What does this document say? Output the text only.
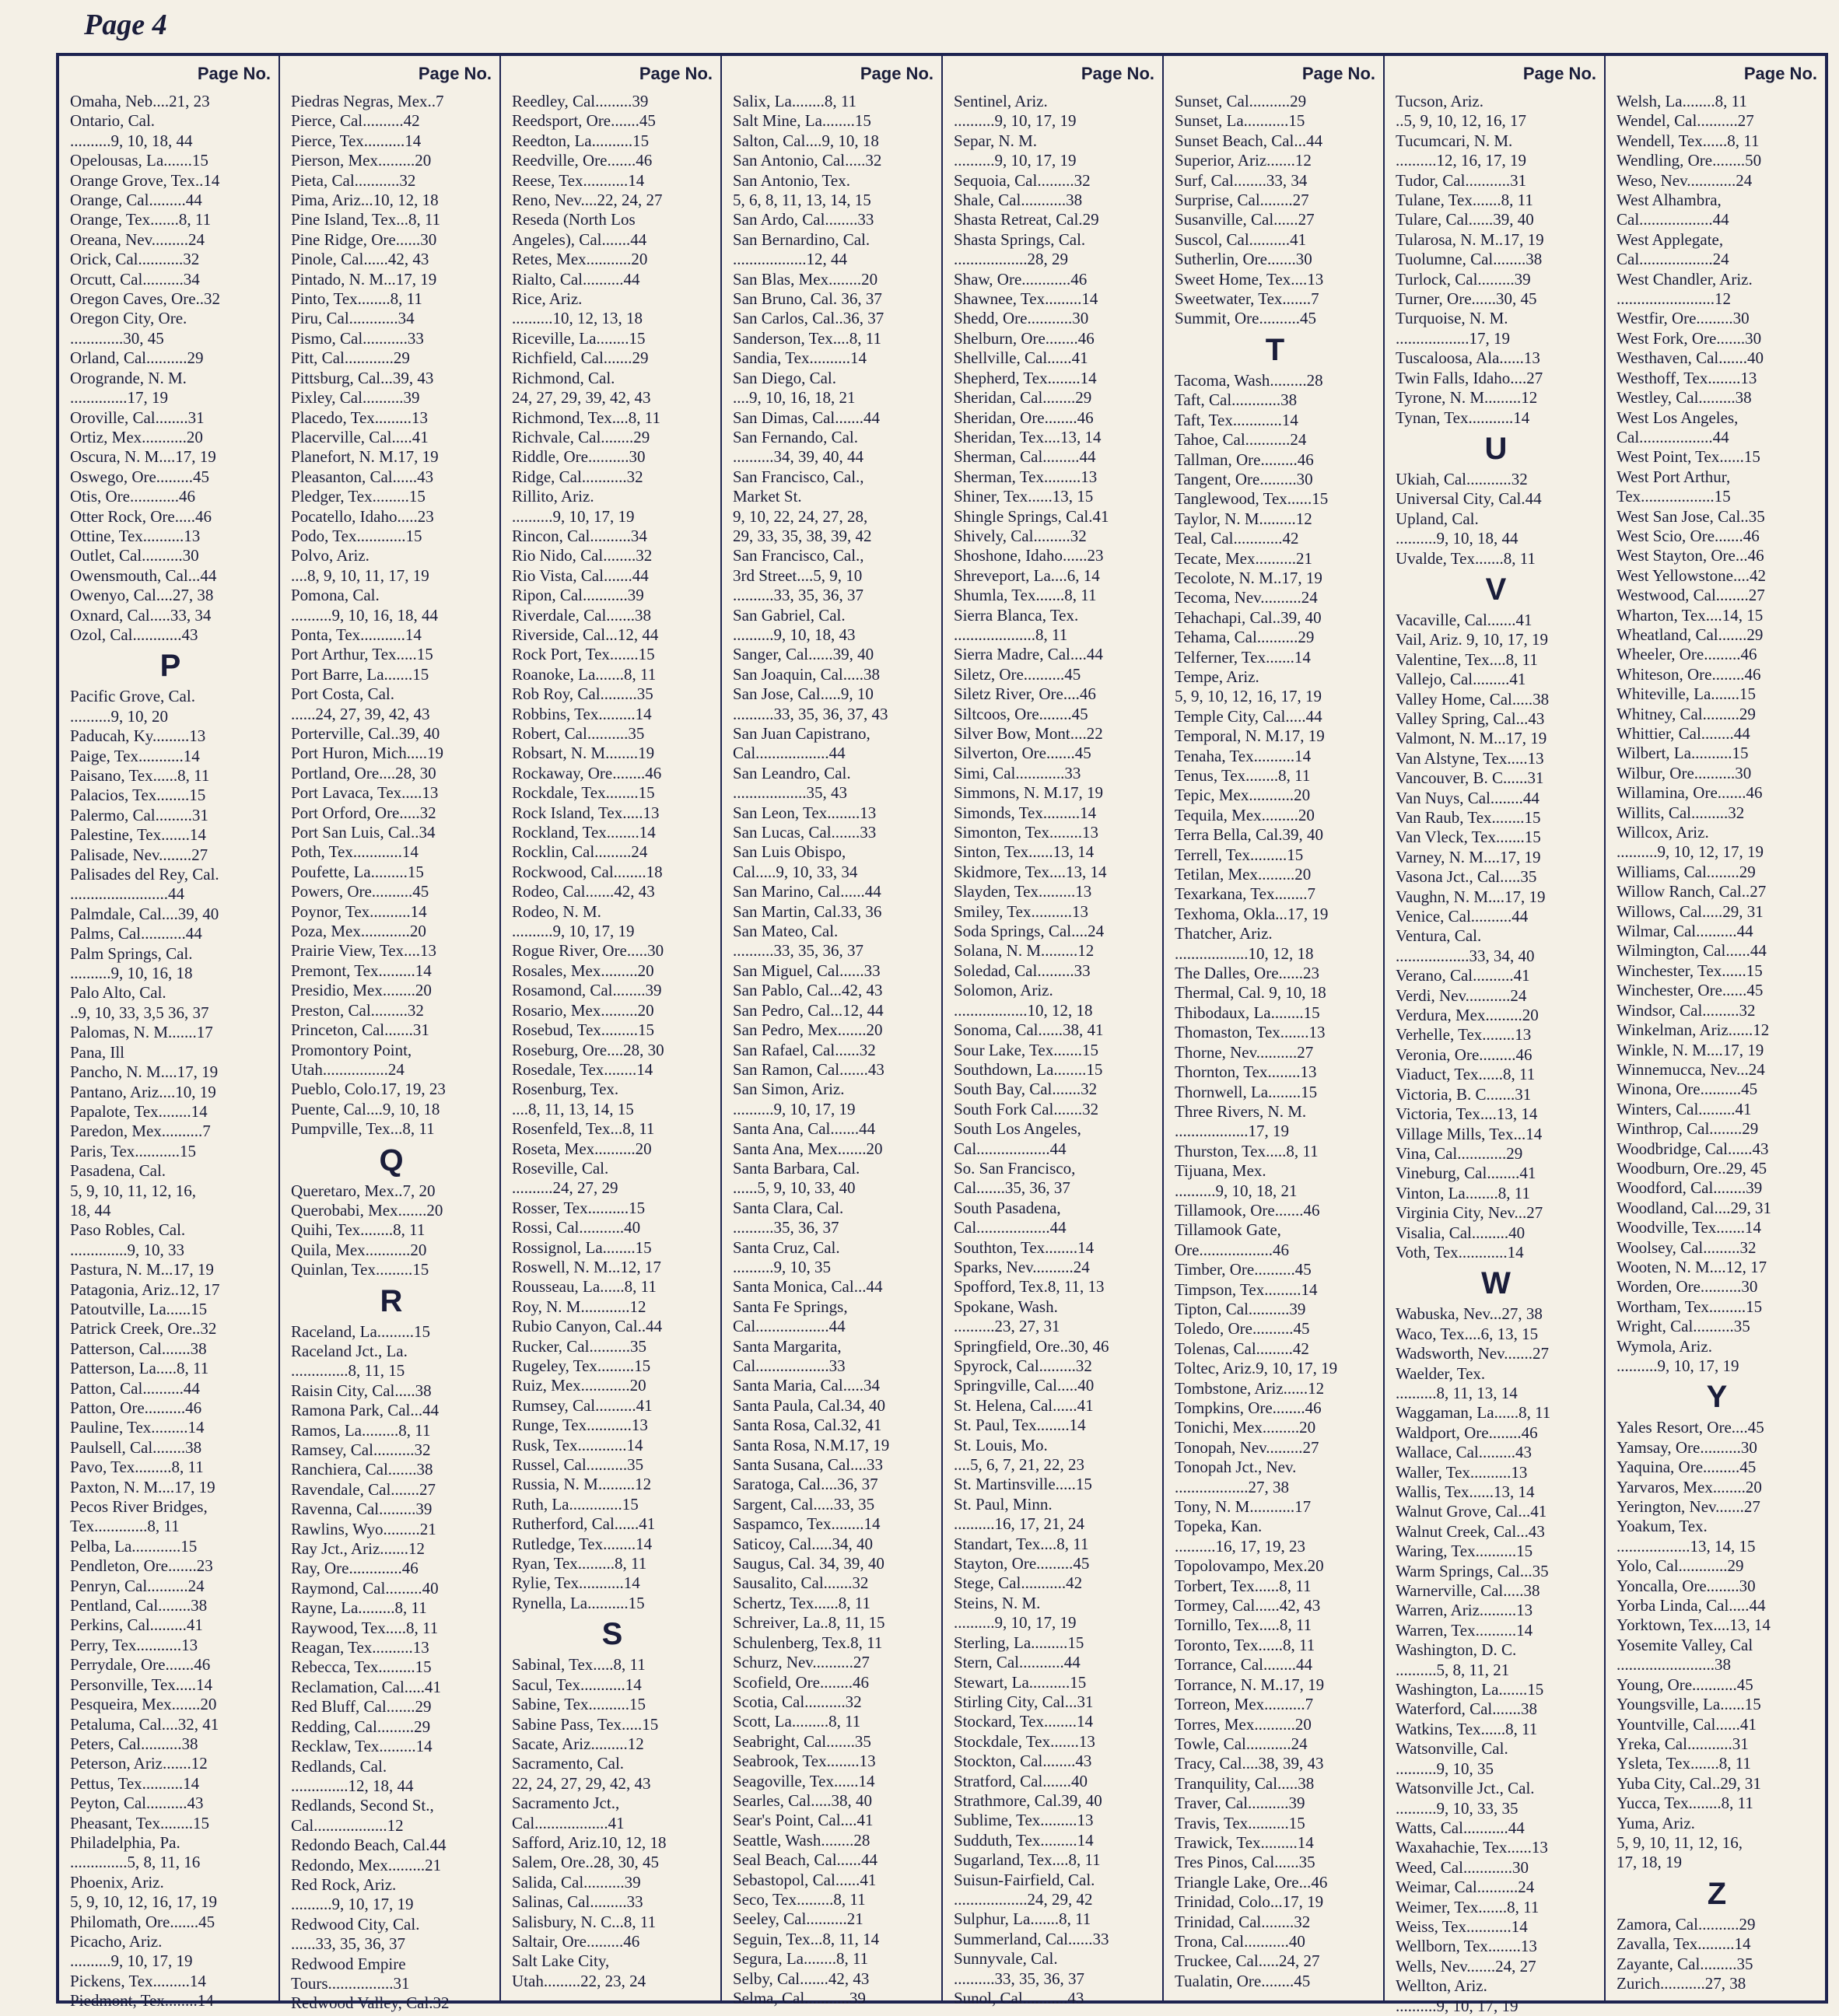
Page 4
Page No.
Omaha, Neb....21, 23
Ontario, Cal.
..........9, 10, 18, 44
Opelousas, La.......15
Orange Grove, Tex..14
Orange, Cal.........44
Orange, Tex.......8, 11
Oreana, Nev.........24
Orick, Cal...........32
Orcutt, Cal..........34
Oregon Caves, Ore..32
Oregon City, Ore.
.............30, 45
Orland, Cal..........29
Orogrande, N. M.
..............17, 19
Oroville, Cal........31
Ortiz, Mex...........20
Oscura, N. M....17, 19
Oswego, Ore.........45
Otis, Ore............46
Otter Rock, Ore.....46
Ottine, Tex..........13
Outlet, Cal..........30
Owensmouth, Cal...44
Owenyo, Cal....27, 38
Oxnard, Cal.....33, 34
Ozol, Cal............43
P
Pacific Grove, Cal.
..........9, 10, 20
Paducah, Ky.........13
Paige, Tex...........14
Paisano, Tex......8, 11
Palacios, Tex........15
Palermo, Cal.........31
Palestine, Tex.......14
Palisade, Nev........27
Palisades del Rey, Cal.
........................44
Palmdale, Cal....39, 40
Palms, Cal...........44
Palm Springs, Cal.
..........9, 10, 16, 18
Palo Alto, Cal.
..9, 10, 33, 3,5 36, 37
Palomas, N. M.......17
Pana, Ill
Pancho, N. M....17, 19
Pantano, Ariz....10, 19
Papalote, Tex........14
Paredon, Mex..........7
Paris, Tex...........15
Pasadena, Cal.
5, 9, 10, 11, 12, 16,
18, 44
Paso Robles, Cal.
..............9, 10, 33
Pastura, N. M...17, 19
Patagonia, Ariz..12, 17
Patoutville, La......15
Patrick Creek, Ore..32
Patterson, Cal.......38
Patterson, La.....8, 11
Patton, Cal..........44
Patton, Ore..........46
Pauline, Tex.........14
Paulsell, Cal........38
Pavo, Tex.........8, 11
Paxton, N. M....17, 19
Pecos River Bridges,
Tex.............8, 11
Pelba, La............15
Pendleton, Ore.......23
Penryn, Cal..........24
Pentland, Cal........38
Perkins, Cal.........41
Perry, Tex...........13
Perrydale, Ore.......46
Personville, Tex.....14
Pesqueira, Mex.......20
Petaluma, Cal....32, 41
Peters, Cal..........38
Peterson, Ariz.......12
Pettus, Tex..........14
Peyton, Cal..........43
Pheasant, Tex........15
Philadelphia, Pa.
..............5, 8, 11, 16
Phoenix, Ariz.
5, 9, 10, 12, 16, 17, 19
Philomath, Ore.......45
Picacho, Ariz.
..........9, 10, 17, 19
Pickens, Tex.........14
Piedmont, Tex........14
Page No.
Piedras Negras, Mex..7
Pierce, Cal..........42
Pierce, Tex..........14
Pierson, Mex.........20
Pieta, Cal...........32
Pima, Ariz...10, 12, 18
Pine Island, Tex...8, 11
Pine Ridge, Ore......30
Pinole, Cal......42, 43
Pintado, N. M...17, 19
Pinto, Tex........8, 11
Piru, Cal............34
Pismo, Cal...........33
Pitt, Cal............29
Pittsburg, Cal...39, 43
Pixley, Cal..........39
Placedo, Tex.........13
Placerville, Cal.....41
Planefort, N. M.17, 19
Pleasanton, Cal......43
Pledger, Tex.........15
Pocatello, Idaho.....23
Podo, Tex............15
Polvo, Ariz.
....8, 9, 10, 11, 17, 19
Pomona, Cal.
..........9, 10, 16, 18, 44
Ponta, Tex...........14
Port Arthur, Tex.....15
Port Barre, La.......15
Port Costa, Cal.
......24, 27, 39, 42, 43
Porterville, Cal..39, 40
Port Huron, Mich.....19
Portland, Ore....28, 30
Port Lavaca, Tex.....13
Port Orford, Ore.....32
Port San Luis, Cal..34
Poth, Tex............14
Poufette, La.........15
Powers, Ore..........45
Poynor, Tex..........14
Poza, Mex............20
Prairie View, Tex....13
Premont, Tex.........14
Presidio, Mex........20
Preston, Cal.........32
Princeton, Cal.......31
Promontory Point,
Utah................24
Pueblo, Colo.17, 19, 23
Puente, Cal....9, 10, 18
Pumpville, Tex...8, 11
Q
Queretaro, Mex..7, 20
Querobabi, Mex.......20
Quihi, Tex........8, 11
Quila, Mex...........20
Quinlan, Tex.........15
R
Raceland, La.........15
Raceland Jct., La.
..............8, 11, 15
Raisin City, Cal.....38
Ramona Park, Cal...44
Ramos, La.........8, 11
Ramsey, Cal..........32
Ranchiera, Cal.......38
Ravendale, Cal.......27
Ravenna, Cal.........39
Rawlins, Wyo.........21
Ray Jct., Ariz.......12
Ray, Ore.............46
Raymond, Cal.........40
Rayne, La.........8, 11
Raywood, Tex.....8, 11
Reagan, Tex..........13
Rebecca, Tex.........15
Reclamation, Cal.....41
Red Bluff, Cal.......29
Redding, Cal.........29
Recklaw, Tex.........14
Redlands, Cal.
..............12, 18, 44
Redlands, Second St.,
Cal..................12
Redondo Beach, Cal.44
Redondo, Mex.........21
Red Rock, Ariz.
..........9, 10, 17, 19
Redwood City, Cal.
......33, 35, 36, 37
Redwood Empire
Tours................31
Redwood Valley, Cal.32
Page No.
Reedley, Cal.........39
Reedsport, Ore.......45
Reedton, La..........15
Reedville, Ore.......46
Reese, Tex...........14
Reno, Nev....22, 24, 27
Reseda (North Los
Angeles), Cal.......44
Retes, Mex...........20
Rialto, Cal..........44
Rice, Ariz.
..........10, 12, 13, 18
Riceville, La........15
Richfield, Cal.......29
Richmond, Cal.
24, 27, 29, 39, 42, 43
Richmond, Tex....8, 11
Richvale, Cal........29
Riddle, Ore..........30
Ridge, Cal...........32
Rillito, Ariz.
..........9, 10, 17, 19
Rincon, Cal..........34
Rio Nido, Cal........32
Rio Vista, Cal.......44
Ripon, Cal...........39
Riverdale, Cal.......38
Riverside, Cal...12, 44
Rock Port, Tex.......15
Roanoke, La.......8, 11
Rob Roy, Cal.........35
Robbins, Tex.........14
Robert, Cal..........35
Robsart, N. M........19
Rockaway, Ore........46
Rockdale, Tex........15
Rock Island, Tex.....13
Rockland, Tex........14
Rocklin, Cal.........24
Rockwood, Cal........18
Rodeo, Cal.......42, 43
Rodeo, N. M.
..........9, 10, 17, 19
Rogue River, Ore.....30
Rosales, Mex.........20
Rosamond, Cal........39
Rosario, Mex.........20
Rosebud, Tex.........15
Roseburg, Ore....28, 30
Rosedale, Tex........14
Rosenburg, Tex.
....8, 11, 13, 14, 15
Rosenfeld, Tex...8, 11
Roseta, Mex..........20
Roseville, Cal.
..........24, 27, 29
Rosser, Tex..........15
Rossi, Cal...........40
Rossignol, La........15
Roswell, N. M...12, 17
Rousseau, La......8, 11
Roy, N. M............12
Rubio Canyon, Cal..44
Rucker, Cal..........35
Rugeley, Tex.........15
Ruiz, Mex............20
Rumsey, Cal..........41
Runge, Tex...........13
Rusk, Tex............14
Russel, Cal..........35
Russia, N. M.........12
Ruth, La.............15
Rutherford, Cal......41
Rutledge, Tex........14
Ryan, Tex.........8, 11
Rylie, Tex...........14
Rynella, La..........15
S
Sabinal, Tex.....8, 11
Sacul, Tex...........14
Sabine, Tex..........15
Sabine Pass, Tex.....15
Sacate, Ariz.........12
Sacramento, Cal.
22, 24, 27, 29, 42, 43
Sacramento Jct.,
Cal..................41
Safford, Ariz.10, 12, 18
Salem, Ore..28, 30, 45
Salida, Cal..........39
Salinas, Cal.........33
Salisbury, N. C...8, 11
Saltair, Ore.........46
Salt Lake City,
Utah.........22, 23, 24
Page No.
Salix, La........8, 11
Salt Mine, La........15
Salton, Cal....9, 10, 18
San Antonio, Cal.....32
San Antonio, Tex.
5, 6, 8, 11, 13, 14, 15
San Ardo, Cal........33
San Bernardino, Cal.
..................12, 44
San Blas, Mex........20
San Bruno, Cal. 36, 37
San Carlos, Cal..36, 37
Sanderson, Tex....8, 11
Sandia, Tex..........14
San Diego, Cal.
....9, 10, 16, 18, 21
San Dimas, Cal.......44
San Fernando, Cal.
..........34, 39, 40, 44
San Francisco, Cal.,
Market St.
9, 10, 22, 24, 27, 28,
29, 33, 35, 38, 39, 42
San Francisco, Cal.,
3rd Street....5, 9, 10
..........33, 35, 36, 37
San Gabriel, Cal.
..........9, 10, 18, 43
Sanger, Cal......39, 40
San Joaquin, Cal.....38
San Jose, Cal.....9, 10
..........33, 35, 36, 37, 43
San Juan Capistrano,
Cal..................44
San Leandro, Cal.
..................35, 43
San Leon, Tex........13
San Lucas, Cal.......33
San Luis Obispo,
Cal.....9, 10, 33, 34
San Marino, Cal......44
San Martin, Cal.33, 36
San Mateo, Cal.
..........33, 35, 36, 37
San Miguel, Cal......33
San Pablo, Cal...42, 43
San Pedro, Cal...12, 44
San Pedro, Mex.......20
San Rafael, Cal......32
San Ramon, Cal.......43
San Simon, Ariz.
..........9, 10, 17, 19
Santa Ana, Cal.......44
Santa Ana, Mex.......20
Santa Barbara, Cal.
......5, 9, 10, 33, 40
Santa Clara, Cal.
..........35, 36, 37
Santa Cruz, Cal.
..........9, 10, 35
Santa Monica, Cal...44
Santa Fe Springs,
Cal..................44
Santa Margarita,
Cal..................33
Santa Maria, Cal.....34
Santa Paula, Cal.34, 40
Santa Rosa, Cal.32, 41
Santa Rosa, N.M.17, 19
Santa Susana, Cal....33
Saratoga, Cal....36, 37
Sargent, Cal.....33, 35
Saspamco, Tex........14
Saticoy, Cal.....34, 40
Saugus, Cal. 34, 39, 40
Sausalito, Cal.......32
Schertz, Tex......8, 11
Schreiver, La..8, 11, 15
Schulenberg, Tex.8, 11
Schurz, Nev..........27
Scofield, Ore........46
Scotia, Cal..........32
Scott, La.........8, 11
Seabright, Cal.......35
Seabrook, Tex........13
Seagoville, Tex......14
Searles, Cal.....38, 40
Sear's Point, Cal....41
Seattle, Wash........28
Seal Beach, Cal......44
Sebastopol, Cal......41
Seco, Tex.........8, 11
Seeley, Cal..........21
Seguin, Tex...8, 11, 14
Segura, La........8, 11
Selby, Cal.......42, 43
Selma, Cal...........39
Page No.
Sentinel, Ariz.
..........9, 10, 17, 19
Separ, N. M.
..........9, 10, 17, 19
Sequoia, Cal.........32
Shale, Cal...........38
Shasta Retreat, Cal.29
Shasta Springs, Cal.
..................28, 29
Shaw, Ore............46
Shawnee, Tex.........14
Shedd, Ore...........30
Shelburn, Ore........46
Shellville, Cal......41
Shepherd, Tex........14
Sheridan, Cal........29
Sheridan, Ore........46
Sheridan, Tex....13, 14
Sherman, Cal.........44
Sherman, Tex.........13
Shiner, Tex......13, 15
Shingle Springs, Cal.41
Shively, Cal.........32
Shoshone, Idaho......23
Shreveport, La....6, 14
Shumla, Tex.......8, 11
Sierra Blanca, Tex.
....................8, 11
Sierra Madre, Cal....44
Siletz, Ore..........45
Siletz River, Ore....46
Siltcoos, Ore........45
Silver Bow, Mont....22
Silverton, Ore.......45
Simi, Cal............33
Simmons, N. M.17, 19
Simonds, Tex.........14
Simonton, Tex........13
Sinton, Tex......13, 14
Skidmore, Tex....13, 14
Slayden, Tex.........13
Smiley, Tex..........13
Soda Springs, Cal....24
Solana, N. M.........12
Soledad, Cal.........33
Solomon, Ariz.
..................10, 12, 18
Sonoma, Cal......38, 41
Sour Lake, Tex.......15
Southdown, La........15
South Bay, Cal.......32
South Fork Cal.......32
South Los Angeles,
Cal..................44
So. San Francisco,
Cal.......35, 36, 37
South Pasadena,
Cal..................44
Southton, Tex........14
Sparks, Nev..........24
Spofford, Tex.8, 11, 13
Spokane, Wash.
..........23, 27, 31
Springfield, Ore..30, 46
Spyrock, Cal.........32
Springville, Cal.....40
St. Helena, Cal......41
St. Paul, Tex........14
St. Louis, Mo.
....5, 6, 7, 21, 22, 23
St. Martinsville.....15
St. Paul, Minn.
..........16, 17, 21, 24
Standart, Tex....8, 11
Stayton, Ore.........45
Stege, Cal...........42
Steins, N. M.
..........9, 10, 17, 19
Sterling, La.........15
Stern, Cal...........44
Stewart, La..........15
Stirling City, Cal...31
Stockard, Tex........14
Stockdale, Tex.......13
Stockton, Cal........43
Stratford, Cal.......40
Strathmore, Cal.39, 40
Sublime, Tex.........13
Sudduth, Tex.........14
Sugarland, Tex....8, 11
Suisun-Fairfield, Cal.
..................24, 29, 42
Sulphur, La.......8, 11
Summerland, Cal......33
Sunnyvale, Cal.
..........33, 35, 36, 37
Sunol, Cal...........43
Page No.
Sunset, Cal..........29
Sunset, La...........15
Sunset Beach, Cal...44
Superior, Ariz.......12
Surf, Cal........33, 34
Surprise, Cal........27
Susanville, Cal......27
Suscol, Cal..........41
Sutherlin, Ore.......30
Sweet Home, Tex....13
Sweetwater, Tex.......7
Summit, Ore..........45
T
Tacoma, Wash.........28
Taft, Cal............38
Taft, Tex............14
Tahoe, Cal...........24
Tallman, Ore.........46
Tangent, Ore.........30
Tanglewood, Tex......15
Taylor, N. M.........12
Teal, Cal............42
Tecate, Mex..........21
Tecolote, N. M..17, 19
Tecoma, Nev..........24
Tehachapi, Cal..39, 40
Tehama, Cal..........29
Telferner, Tex.......14
Tempe, Ariz.
5, 9, 10, 12, 16, 17, 19
Temple City, Cal.....44
Temporal, N. M.17, 19
Tenaha, Tex..........14
Tenus, Tex........8, 11
Tepic, Mex...........20
Tequila, Mex.........20
Terra Bella, Cal.39, 40
Terrell, Tex.........15
Tetilan, Mex.........20
Texarkana, Tex........7
Texhoma, Okla...17, 19
Thatcher, Ariz.
..................10, 12, 18
The Dalles, Ore......23
Thermal, Cal. 9, 10, 18
Thibodaux, La........15
Thomaston, Tex.......13
Thorne, Nev..........27
Thornton, Tex........13
Thornwell, La........15
Three Rivers, N. M.
..................17, 19
Thurston, Tex.....8, 11
Tijuana, Mex.
..........9, 10, 18, 21
Tillamook, Ore.......46
Tillamook Gate,
Ore..................46
Timber, Ore..........45
Timpson, Tex.........14
Tipton, Cal..........39
Toledo, Ore..........45
Tolenas, Cal.........42
Toltec, Ariz.9, 10, 17, 19
Tombstone, Ariz......12
Tompkins, Ore........46
Tonichi, Mex.........20
Tonopah, Nev.........27
Tonopah Jct., Nev.
..................27, 38
Tony, N. M...........17
Topeka, Kan.
..........16, 17, 19, 23
Topolovampo, Mex.20
Torbert, Tex......8, 11
Tormey, Cal......42, 43
Tornillo, Tex.....8, 11
Toronto, Tex......8, 11
Torrance, Cal........44
Torrance, N. M..17, 19
Torreon, Mex..........7
Torres, Mex..........20
Towle, Cal...........24
Tracy, Cal....38, 39, 43
Tranquility, Cal.....38
Traver, Cal..........39
Travis, Tex..........15
Trawick, Tex.........14
Tres Pinos, Cal......35
Triangle Lake, Ore...46
Trinidad, Colo...17, 19
Trinidad, Cal........32
Trona, Cal...........40
Truckee, Cal.....24, 27
Tualatin, Ore........45
Page No.
Tucson, Ariz.
..5, 9, 10, 12, 16, 17
Tucumcari, N. M.
..........12, 16, 17, 19
Tudor, Cal...........31
Tulane, Tex.......8, 11
Tulare, Cal......39, 40
Tularosa, N. M..17, 19
Tuolumne, Cal........38
Turlock, Cal.........39
Turner, Ore......30, 45
Turquoise, N. M.
..................17, 19
Tuscaloosa, Ala......13
Twin Falls, Idaho....27
Tyrone, N. M.........12
Tynan, Tex...........14
U
Ukiah, Cal...........32
Universal City, Cal.44
Upland, Cal.
..........9, 10, 18, 44
Uvalde, Tex.......8, 11
V
Vacaville, Cal.......41
Vail, Ariz. 9, 10, 17, 19
Valentine, Tex....8, 11
Vallejo, Cal.........41
Valley Home, Cal.....38
Valley Spring, Cal...43
Valmont, N. M...17, 19
Van Alstyne, Tex.....13
Vancouver, B. C......31
Van Nuys, Cal........44
Van Raub, Tex........15
Van Vleck, Tex.......15
Varney, N. M....17, 19
Vasona Jct., Cal.....35
Vaughn, N. M....17, 19
Venice, Cal..........44
Ventura, Cal.
..................33, 34, 40
Verano, Cal..........41
Verdi, Nev...........24
Verdura, Mex.........20
Verhelle, Tex........13
Veronia, Ore.........46
Viaduct, Tex......8, 11
Victoria, B. C.......31
Victoria, Tex....13, 14
Village Mills, Tex...14
Vina, Cal............29
Vineburg, Cal........41
Vinton, La........8, 11
Virginia City, Nev...27
Visalia, Cal.........40
Voth, Tex............14
W
Wabuska, Nev...27, 38
Waco, Tex....6, 13, 15
Wadsworth, Nev.......27
Waelder, Tex.
..........8, 11, 13, 14
Waggaman, La......8, 11
Waldport, Ore........46
Wallace, Cal.........43
Waller, Tex..........13
Wallis, Tex......13, 14
Walnut Grove, Cal...41
Walnut Creek, Cal...43
Waring, Tex..........15
Warm Springs, Cal...35
Warnerville, Cal.....38
Warren, Ariz.........13
Warren, Tex..........14
Washington, D. C.
..........5, 8, 11, 21
Washington, La.......15
Waterford, Cal.......38
Watkins, Tex......8, 11
Watsonville, Cal.
..........9, 10, 35
Watsonville Jct., Cal.
..........9, 10, 33, 35
Watts, Cal...........44
Waxahachie, Tex......13
Weed, Cal............30
Weimar, Cal..........24
Weimer, Tex.......8, 11
Weiss, Tex...........14
Wellborn, Tex........13
Wells, Nev.......24, 27
Wellton, Ariz.
..........9, 10, 17, 19
Page No.
Welsh, La........8, 11
Wendel, Cal..........27
Wendell, Tex......8, 11
Wendling, Ore........50
Weso, Nev............24
West Alhambra,
Cal..................44
West Applegate,
Cal..................24
West Chandler, Ariz.
........................12
Westfir, Ore.........30
West Fork, Ore.......30
Westhaven, Cal.......40
Westhoff, Tex........13
Westley, Cal.........38
West Los Angeles,
Cal..................44
West Point, Tex......15
West Port Arthur,
Tex..................15
West San Jose, Cal..35
West Scio, Ore.......46
West Stayton, Ore...46
West Yellowstone....42
Westwood, Cal........27
Wharton, Tex....14, 15
Wheatland, Cal.......29
Wheeler, Ore.........46
Whiteson, Ore........46
Whiteville, La.......15
Whitney, Cal.........29
Whittier, Cal........44
Wilbert, La..........15
Wilbur, Ore..........30
Willamina, Ore.......46
Willits, Cal.........32
Willcox, Ariz.
..........9, 10, 12, 17, 19
Williams, Cal........29
Willow Ranch, Cal..27
Willows, Cal.....29, 31
Wilmar, Cal..........44
Wilmington, Cal......44
Winchester, Tex......15
Winchester, Ore......45
Windsor, Cal.........32
Winkelman, Ariz......12
Winkle, N. M....17, 19
Winnemucca, Nev...24
Winona, Ore..........45
Winters, Cal.........41
Winthrop, Cal........29
Woodbridge, Cal......43
Woodburn, Ore..29, 45
Woodford, Cal........39
Woodland, Cal....29, 31
Woodville, Tex.......14
Woolsey, Cal.........32
Wooten, N. M....12, 17
Worden, Ore..........30
Wortham, Tex.........15
Wright, Cal..........35
Wymola, Ariz.
..........9, 10, 17, 19
Y
Yales Resort, Ore....45
Yamsay, Ore..........30
Yaquina, Ore.........45
Yarvaros, Mex........20
Yerington, Nev.......27
Yoakum, Tex.
..................13, 14, 15
Yolo, Cal............29
Yoncalla, Ore........30
Yorba Linda, Cal.....44
Yorktown, Tex....13, 14
Yosemite Valley, Cal
........................38
Young, Ore...........45
Youngsville, La......15
Yountville, Cal......41
Yreka, Cal...........31
Ysleta, Tex.......8, 11
Yuba City, Cal..29, 31
Yucca, Tex........8, 11
Yuma, Ariz.
5, 9, 10, 11, 12, 16,
17, 18, 19
Z
Zamora, Cal..........29
Zavalla, Tex.........14
Zayante, Cal.........35
Zurich...........27, 38
